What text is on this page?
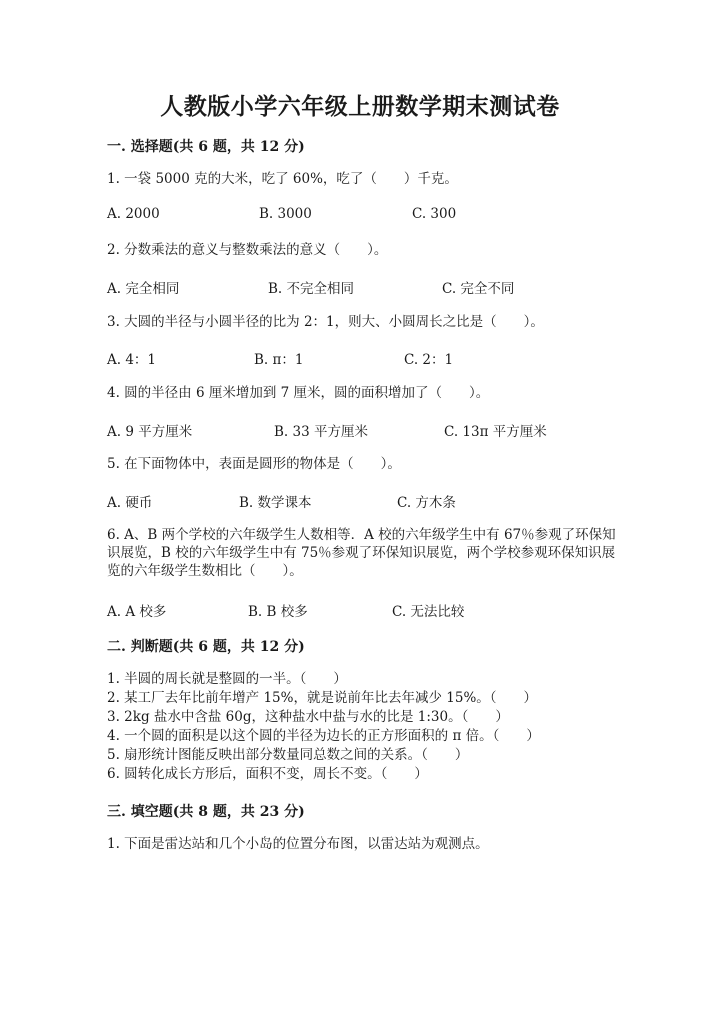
人教版小学六年级上册数学期末测试卷

一. 选择题(共 6 题，共 12 分)

1. 一袋 5000 克的大米，吃了 60%，吃了（　　）千克。

A. 2000	B. 3000	C. 300

2. 分数乘法的意义与整数乘法的意义（　　）。

A. 完全相同	B. 不完全相同	C. 完全不同

3. 大圆的半径与小圆半径的比为 2：1，则大、小圆周长之比是（　　）。

A. 4：1	B. π：1	C. 2：1

4. 圆的半径由 6 厘米增加到 7 厘米，圆的面积增加了（　　）。

A. 9 平方厘米	B. 33 平方厘米	C. 13π 平方厘米

5. 在下面物体中，表面是圆形的物体是（　　）。

A. 硬币	B. 数学课本	C. 方木条

6. A、B 两个学校的六年级学生人数相等．A 校的六年级学生中有 67％参观了环保知识展览，B 校的六年级学生中有 75％参观了环保知识展览，两个学校参观环保知识展览的六年级学生数相比（　　）。

A. A 校多	B. B 校多	C. 无法比较

二. 判断题(共 6 题，共 12 分)

1. 半圆的周长就是整圆的一半。（　　）

2. 某工厂去年比前年增产 15%，就是说前年比去年减少 15%。（　　）

3. 2kg 盐水中含盐 60g，这种盐水中盐与水的比是 1:30。（　　）

4. 一个圆的面积是以这个圆的半径为边长的正方形面积的 π 倍。（　　）

5. 扇形统计图能反映出部分数量同总数之间的关系。（　　）

6. 圆转化成长方形后，面积不变，周长不变。（　　）

三. 填空题(共 8 题，共 23 分)

1. 下面是雷达站和几个小岛的位置分布图，以雷达站为观测点。
